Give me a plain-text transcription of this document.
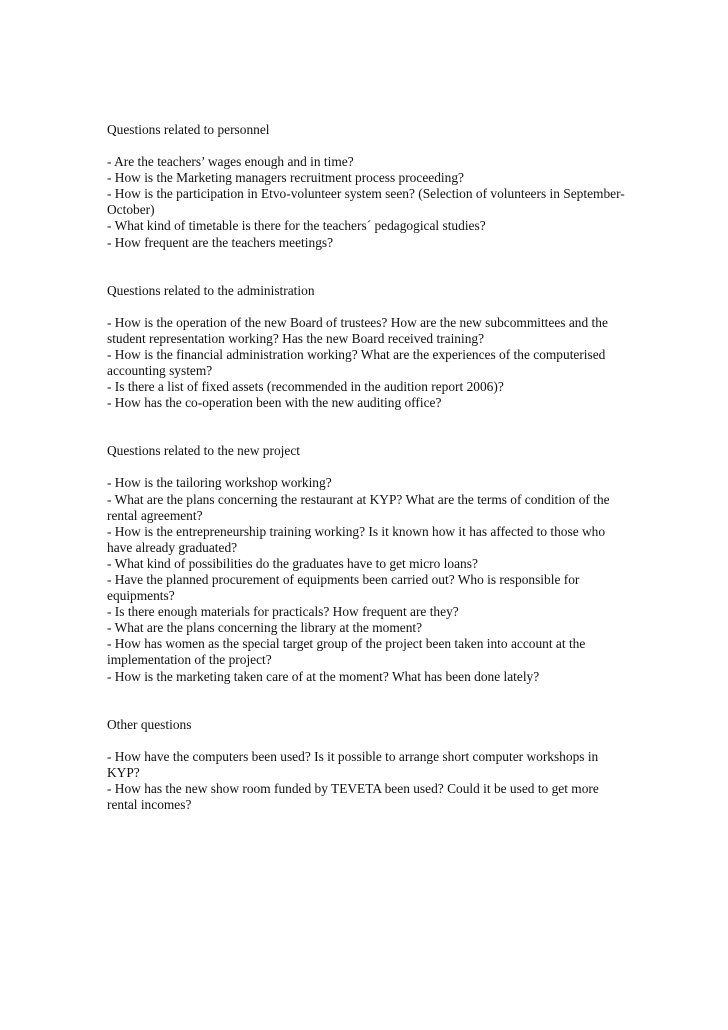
Questions related to personnel

- Are the teachers’ wages enough and in time?

- How is the Marketing managers recruitment process proceeding?

- How is the participation in Etvo-volunteer system seen? (Selection of volunteers in September-October)

- What kind of timetable is there for the teachers´ pedagogical studies?

- How frequent are the teachers meetings?

Questions related to the administration

- How is the operation of the new Board of trustees? How are the new subcommittees and the student representation working? Has the new Board received training?

- How is the financial administration working? What are the experiences of the computerised accounting system?

- Is there a list of fixed assets (recommended in the audition report 2006)?

- How has the co-operation been with the new auditing office?

Questions related to the new project

- How is the tailoring workshop working?

- What are the plans concerning the restaurant at KYP? What are the terms of condition of the rental agreement?

- How is the entrepreneurship training working? Is it known how it has affected to those who have already graduated?

- What kind of possibilities do the graduates have to get micro loans?

- Have the planned procurement of equipments been carried out? Who is responsible for equipments?

- Is there enough materials for practicals? How frequent are they?

- What are the plans concerning the library at the moment?

- How has women as the special target group of the project been taken into account at the implementation of the project?

- How is the marketing taken care of at the moment? What has been done lately?

Other questions

- How have the computers been used? Is it possible to arrange short computer workshops in KYP?

- How has the new show room funded by TEVETA been used? Could it be used to get more rental incomes?
